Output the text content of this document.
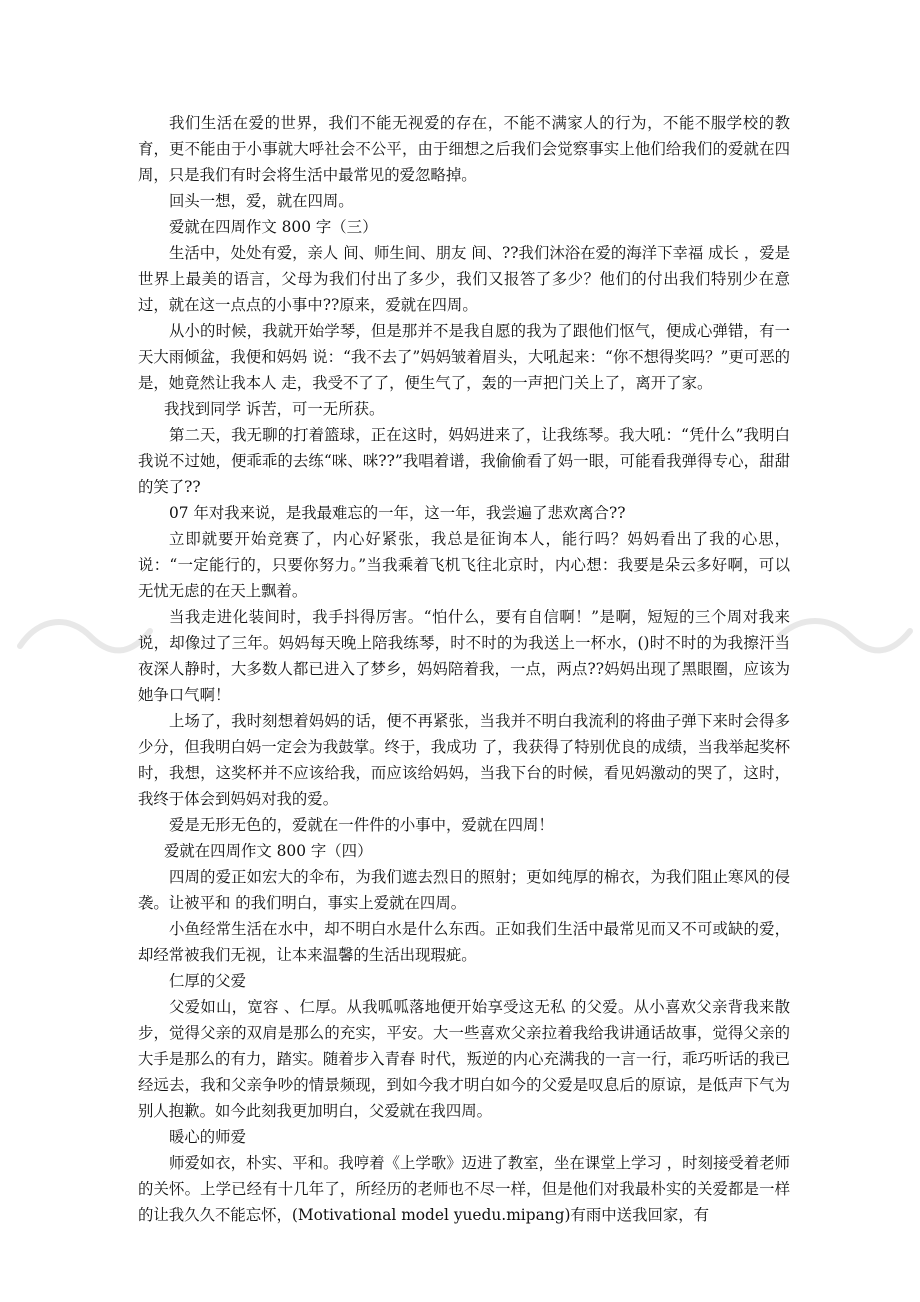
我们生活在爱的世界，我们不能无视爱的存在，不能不满家人的行为，不能不服学校的教育，更不能由于小事就大呼社会不公平，由于细想之后我们会觉察事实上他们给我们的爱就在四周，只是我们有时会将生活中最常见的爱忽略掉。

回头一想，爱，就在四周。

爱就在四周作文 800 字（三）

生活中，处处有爱，亲人 间、师生间、朋友 间、??我们沐浴在爱的海洋下幸福 成长 ，爱是世界上最美的语言，父母为我们付出了多少，我们又报答了多少？他们的付出我们特别少在意过，就在这一点点的小事中??原来，爱就在四周。

从小的时候，我就开始学琴，但是那并不是我自愿的我为了跟他们怄气，便成心弹错，有一天大雨倾盆，我便和妈妈 说：“我不去了”妈妈皱着眉头，大吼起来：“你不想得奖吗？”更可恶的是，她竟然让我本人 走，我受不了了，便生气了，轰的一声把门关上了，离开了家。

我找到同学 诉苦，可一无所获。

第二天，我无聊的打着篮球，正在这时，妈妈进来了，让我练琴。我大吼：“凭什么”我明白我说不过她，便乖乖的去练“咪、咪??”我唱着谱，我偷偷看了妈一眼，可能看我弹得专心，甜甜的笑了??

07 年对我来说，是我最难忘的一年，这一年，我尝遍了悲欢离合??

立即就要开始竞赛了，内心好紧张，我总是征询本人，能行吗？妈妈看出了我的心思，说：“一定能行的，只要你努力。”当我乘着飞机飞往北京时，内心想：我要是朵云多好啊，可以无忧无虑的在天上飘着。

当我走进化装间时，我手抖得厉害。“怕什么，要有自信啊！”是啊，短短的三个周对我来说，却像过了三年。妈妈每天晚上陪我练琴，时不时的为我送上一杯水，()时不时的为我擦汗当夜深人静时，大多数人都已进入了梦乡，妈妈陪着我，一点，两点??妈妈出现了黑眼圈，应该为她争口气啊！

上场了，我时刻想着妈妈的话，便不再紧张，当我并不明白我流利的将曲子弹下来时会得多少分，但我明白妈一定会为我鼓掌。终于，我成功 了，我获得了特别优良的成绩，当我举起奖杯时，我想，这奖杯并不应该给我，而应该给妈妈，当我下台的时候，看见妈激动的哭了，这时，我终于体会到妈妈对我的爱。

爱是无形无色的，爱就在一件件的小事中，爱就在四周！

爱就在四周作文 800 字（四）

四周的爱正如宏大的伞布，为我们遮去烈日的照射；更如纯厚的棉衣，为我们阻止寒风的侵袭。让被平和 的我们明白，事实上爱就在四周。

小鱼经常生活在水中，却不明白水是什么东西。正如我们生活中最常见而又不可或缺的爱，却经常被我们无视，让本来温馨的生活出现瑕疵。

仁厚的父爱

父爱如山，宽容 、仁厚。从我呱呱落地便开始享受这无私 的父爱。从小喜欢父亲背我来散步，觉得父亲的双肩是那么的充实，平安。大一些喜欢父亲拉着我给我讲通话故事，觉得父亲的大手是那么的有力，踏实。随着步入青春 时代，叛逆的内心充满我的一言一行，乖巧听话的我已经远去，我和父亲争吵的情景频现，到如今我才明白如今的父爱是叹息后的原谅，是低声下气为别人抱歉。如今此刻我更加明白，父爱就在我四周。

暖心的师爱

师爱如衣，朴实、平和。我哼着《上学歌》迈进了教室，坐在课堂上学习 ，时刻接受着老师 的关怀。上学已经有十几年了，所经历的老师也不尽一样，但是他们对我最朴实的关爱都是一样的让我久久不能忘怀，(Motivational model yuedu.mipang)有雨中送我回家，有
